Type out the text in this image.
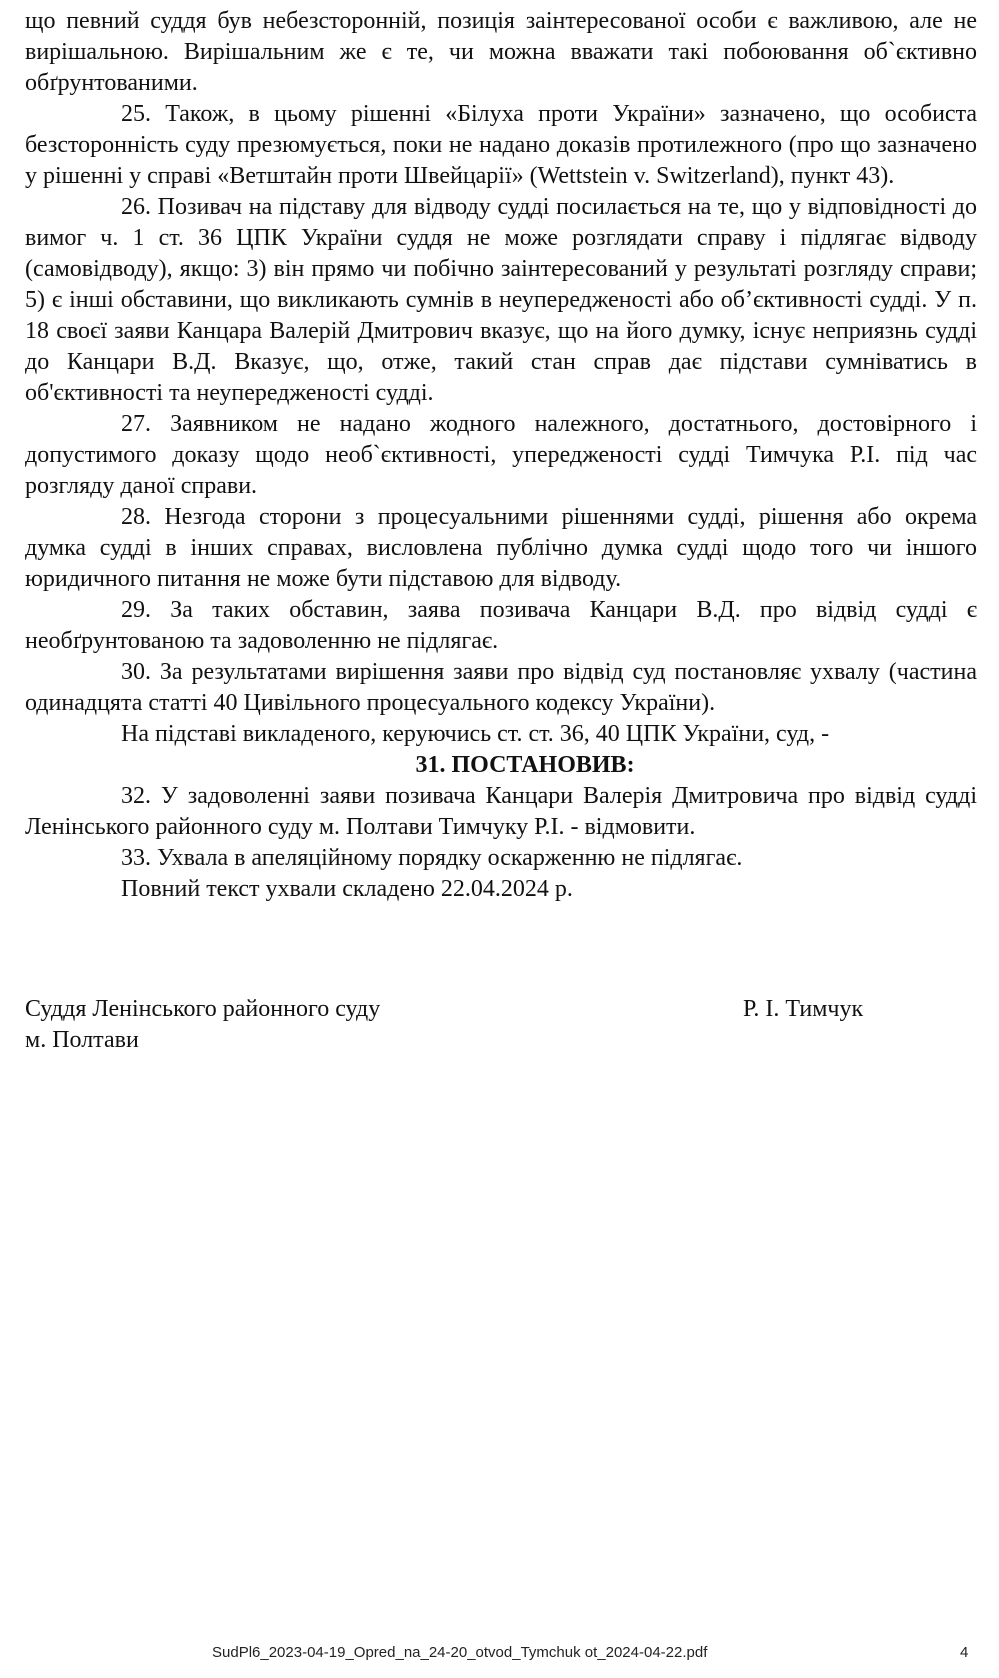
що певний суддя був небезсторонній, позиція заінтересованої особи є важливою, але не вирішальною. Вирішальним же є те, чи можна вважати такі побоювання об`єктивно обґрунтованими.

25. Також, в цьому рішенні «Білуха проти України» зазначено, що особиста безсторонність суду презюмується, поки не надано доказів протилежного (про що зазначено у рішенні у справі «Ветштайн проти Швейцарії» (Wettstein v. Switzerland), пункт 43).

26. Позивач на підставу для відводу судді посилається на те, що у відповідності до вимог ч. 1 ст. 36 ЦПК України суддя не може розглядати справу і підлягає відводу (самовідводу), якщо: 3) він прямо чи побічно заінтересований у результаті розгляду справи; 5) є інші обставини, що викликають сумнів в неупередженості або об’єктивності судді. У п. 18 своєї заяви Канцара Валерій Дмитрович вказує, що на його думку, існує неприязнь судді до Канцари В.Д. Вказує, що, отже, такий стан справ дає підстави сумніватись в об'єктивності та неупередженості судді.

27. Заявником не надано жодного належного, достатнього, достовірного і допустимого доказу щодо необ`єктивності, упередженості судді Тимчука Р.І. під час розгляду даної справи.

28. Незгода сторони з процесуальними рішеннями судді, рішення або окрема думка судді в інших справах, висловлена публічно думка судді щодо того чи іншого юридичного питання не може бути підставою для відводу.

29. За таких обставин, заява позивача Канцари В.Д. про відвід судді є необґрунтованою та задоволенню не підлягає.

30. За результатами вирішення заяви про відвід суд постановляє ухвалу (частина одинадцята статті 40 Цивільного процесуального кодексу України).

На підставі викладеного, керуючись ст. ст. 36, 40 ЦПК України, суд, -

31. ПОСТАНОВИВ:

32. У задоволенні заяви позивача Канцари Валерія Дмитровича про відвід судді Ленінського районного суду м. Полтави Тимчуку Р.І. - відмовити.

33. Ухвала в апеляційному порядку оскарженню не підлягає.

Повний текст ухвали складено 22.04.2024 р.

Суддя Ленінського районного суду
м. Полтави
Р. І. Тимчук
SudPl6_2023-04-19_Opred_na_24-20_otvod_Tymchuk ot_2024-04-22.pdf	4
